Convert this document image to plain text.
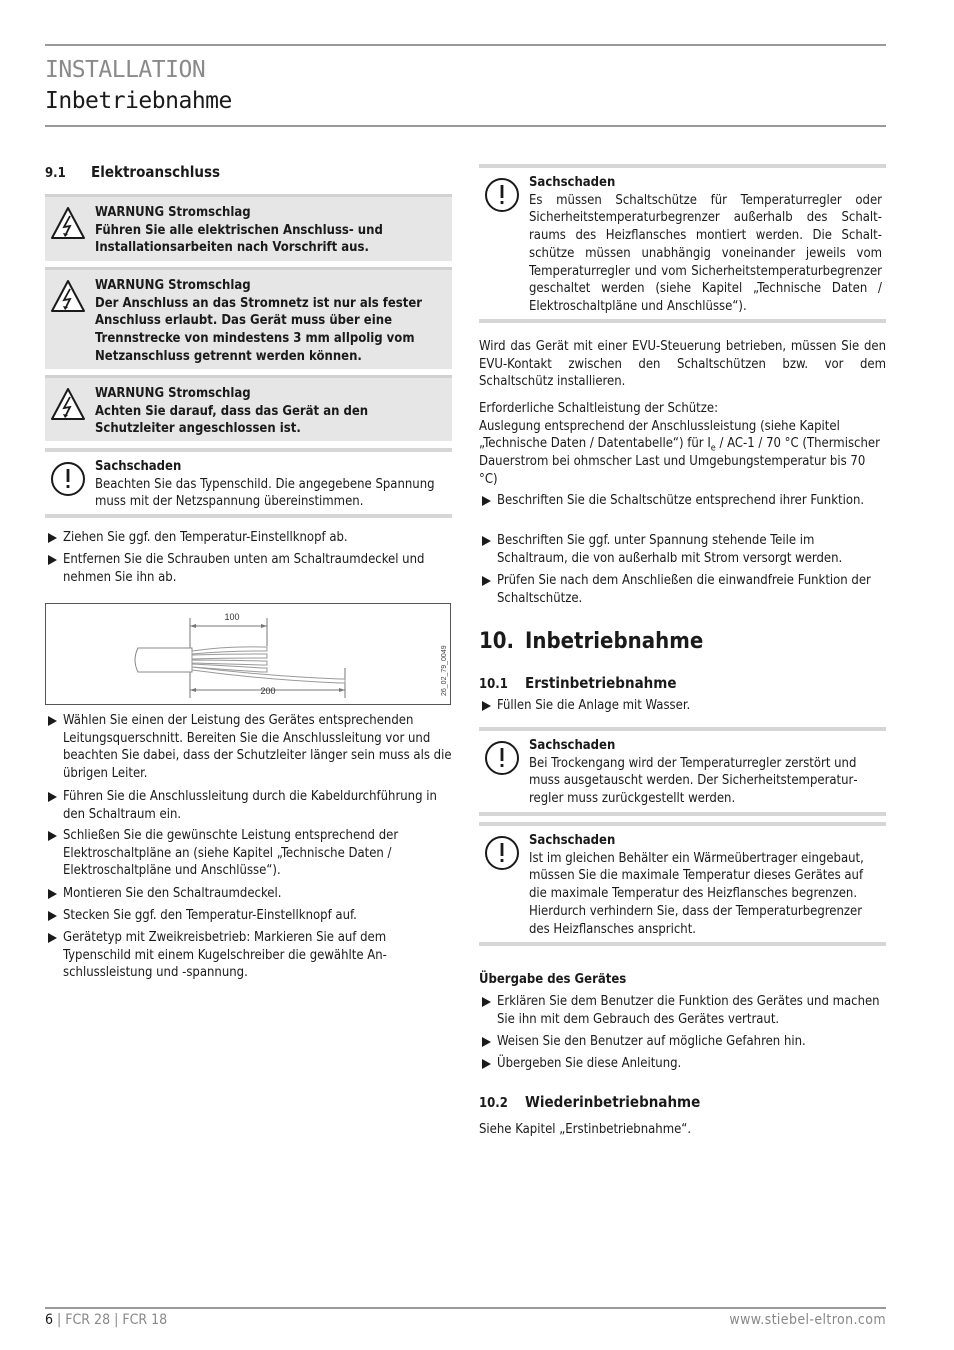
INSTALLATION
Inbetriebnahme
9.1 Elektroanschluss
WARNUNG Stromschlag
Führen Sie alle elektrischen Anschluss- und Installationsarbeiten nach Vorschrift aus.
WARNUNG Stromschlag
Der Anschluss an das Stromnetz ist nur als fester Anschluss erlaubt. Das Gerät muss über eine Trennstrecke von mindestens 3 mm allpolig vom Netzanschluss getrennt werden können.
WARNUNG Stromschlag
Achten Sie darauf, dass das Gerät an den Schutzleiter angeschlossen ist.
Sachschaden
Beachten Sie das Typenschild. Die angegebene Spannung muss mit der Netzspannung übereinstimmen.
Ziehen Sie ggf. den Temperatur-Einstellknopf ab.
Entfernen Sie die Schrauben unten am Schaltraumdeckel und nehmen Sie ihn ab.
100
200	26_02_79_0049
Wählen Sie einen der Leistung des Gerätes entsprechenden Leitungsquerschnitt. Bereiten Sie die Anschlussleitung vor und beachten Sie dabei, dass der Schutzleiter länger sein muss als die übrigen Leiter.
Führen Sie die Anschlussleitung durch die Kabeldurchführung in den Schaltraum ein.
Schließen Sie die gewünschte Leistung entsprechend der Elektroschaltpläne an (siehe Kapitel „Technische Daten / Elektroschaltpläne und Anschlüsse“).
Montieren Sie den Schaltraumdeckel.
Stecken Sie ggf. den Temperatur-Einstellknopf auf.
Gerätetyp mit Zweikreisbetrieb: Markieren Sie auf dem Typenschild mit einem Kugelschreiber die gewählte Anschlussleistung und -spannung.
Sachschaden
Es müssen Schaltschütze für Temperaturregler oder Sicherheitstemperaturbegrenzer außerhalb des Schaltraums des Heizflansches montiert werden. Die Schaltschütze müssen unabhängig voneinander jeweils vom Temperaturregler und vom Sicherheitstemperaturbegrenzer geschaltet werden (siehe Kapitel „Technische Daten / Elektroschaltpläne und Anschlüsse“).
Wird das Gerät mit einer EVU-Steuerung betrieben, müssen Sie den EVU-Kontakt zwischen den Schaltschützen bzw. vor dem Schaltschütz installieren.
Erforderliche Schaltleistung der Schütze:
Auslegung entsprechend der Anschlussleistung (siehe Kapitel „Technische Daten / Datentabelle“) für $I_e / AC-1 / 70$ °C (Thermischer Dauerstrom bei ohmscher Last und Umgebungstemperatur bis 70 °C)
Beschriften Sie die Schaltschütze entsprechend ihrer Funktion.
Beschriften Sie ggf. unter Spannung stehende Teile im Schaltraum, die von außerhalb mit Strom versorgt werden.
Prüfen Sie nach dem Anschließen die einwandfreie Funktion der Schaltschütze.
10. Inbetriebnahme
10.1 Erstinbetriebnahme
Füllen Sie die Anlage mit Wasser.
Sachschaden
Bei Trockengang wird der Temperaturregler zerstört und muss ausgetauscht werden. Der Sicherheitstemperaturregler muss zurückgestellt werden.
Sachschaden
Ist im gleichen Behälter ein Wärmeübertrager eingebaut, müssen Sie die maximale Temperatur dieses Gerätes auf die maximale Temperatur des Heizflansches begrenzen. Hierdurch verhindern Sie, dass der Temperaturbegrenzer des Heizflansches anspricht.
Übergabe des Gerätes
Erklären Sie dem Benutzer die Funktion des Gerätes und machen Sie ihn mit dem Gebrauch des Gerätes vertraut.
Weisen Sie den Benutzer auf mögliche Gefahren hin.
Übergeben Sie diese Anleitung.
10.2 Wiederinbetriebnahme
Siehe Kapitel „Erstinbetriebnahme“.
6 | FCR 28 | FCR 18	www.stiebel-eltron.com
